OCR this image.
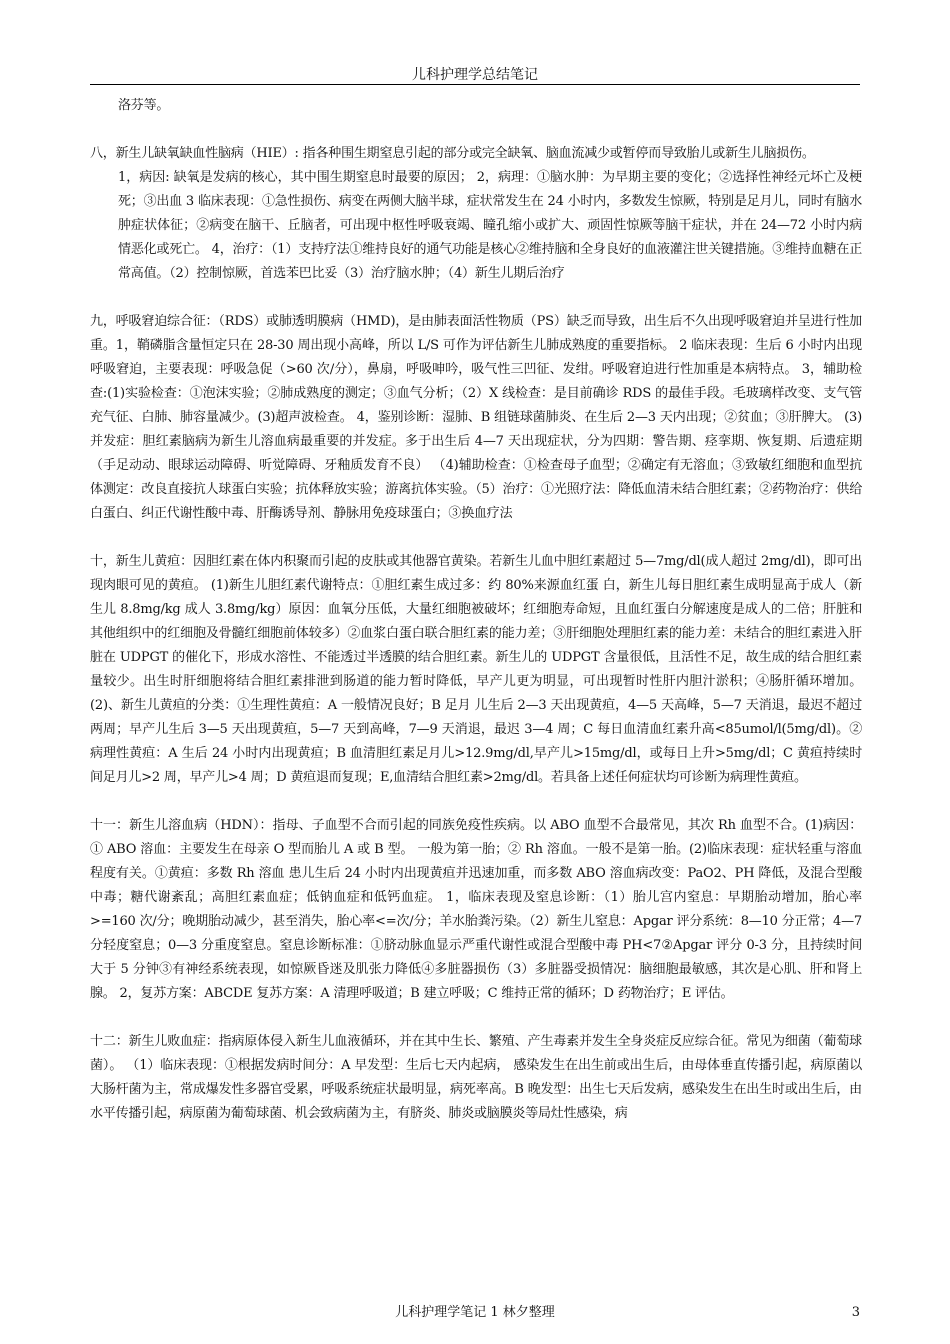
儿科护理学总结笔记

洛芬等。

八，新生儿缺氧缺血性脑病（HIE）: 指各种围生期窒息引起的部分或完全缺氧、脑血流减少或暂停而导致胎儿或新生儿脑损伤。

1，病因: 缺氧是发病的核心，其中围生期窒息时最要的原因； 2，病理：①脑水肿：为早期主要的变化；②选择性神经元坏亡及梗死；③出血 3 临床表现：①急性损伤、病变在两侧大脑半球，症状常发生在 24 小时内，多数发生惊厥，特别是足月儿，同时有脑水肿症状体征；②病变在脑干、丘脑者，可出现中枢性呼吸衰竭、瞳孔缩小或扩大、顽固性惊厥等脑干症状，并在 24—72 小时内病情恶化或死亡。 4，治疗：（1）支持疗法①维持良好的通气功能是核心②维持脑和全身良好的血液灌注世关键措施。③维持血糖在正常高值。（2）控制惊厥，首选苯巴比妥（3）治疗脑水肿；（4）新生儿期后治疗

九，呼吸窘迫综合征：（RDS）或肺透明膜病（HMD)，是由肺表面活性物质（PS）缺乏而导致，出生后不久出现呼吸窘迫并呈进行性加重。1，鞘磷脂含量恒定只在 28-30 周出现小高峰，所以 L/S 可作为评估新生儿肺成熟度的重要指标。 2 临床表现：生后 6 小时内出现呼吸窘迫，主要表现：呼吸急促（>60 次/分），鼻扇，呼吸呻吟，吸气性三凹征、发绀。呼吸窘迫进行性加重是本病特点。 3，辅助检查:(1)实验检查：①泡沫实验；②肺成熟度的测定；③血气分析；（2）X 线检查：是目前确诊 RDS 的最佳手段。毛玻璃样改变、支气管充气征、白肺、肺容量减少。(3)超声波检查。 4，鉴别诊断：湿肺、B 组链球菌肺炎、在生后 2—3 天内出现；②贫血；③肝脾大。 (3)并发症：胆红素脑病为新生儿溶血病最重要的并发症。多于出生后 4—7 天出现症状，分为四期：警告期、痉挛期、恢复期、后遗症期（手足动动、眼球运动障碍、听觉障碍、牙釉质发育不良） （4)辅助检查：①检查母子血型；②确定有无溶血；③致敏红细胞和血型抗体测定：改良直接抗人球蛋白实验；抗体释放实验；游离抗体实验。（5）治疗：①光照疗法：降低血清未结合胆红素；②药物治疗：供给白蛋白、纠正代谢性酸中毒、肝酶诱导剂、静脉用免疫球蛋白；③换血疗法

十，新生儿黄疸：因胆红素在体内积聚而引起的皮肤或其他器官黄染。若新生儿血中胆红素超过 5—7mg/dl(成人超过 2mg/dl)，即可出现肉眼可见的黄疸。 (1)新生儿胆红素代谢特点：①胆红素生成过多：约 80%来源血红蛋 白，新生儿每日胆红素生成明显高于成人（新生儿 8.8mg/kg 成人 3.8mg/kg）原因：血氧分压低，大量红细胞被破坏；红细胞寿命短，且血红蛋白分解速度是成人的二倍；肝脏和其他组织中的红细胞及骨髓红细胞前体较多）②血浆白蛋白联合胆红素的能力差；③肝细胞处理胆红素的能力差：未结合的胆红素进入肝脏在 UDPGT 的催化下，形成水溶性、不能透过半透膜的结合胆红素。新生儿的 UDPGT 含量很低，且活性不足，故生成的结合胆红素量较少。出生时肝细胞将结合胆红素排泄到肠道的能力暂时降低，早产儿更为明显，可出现暂时性肝内胆汁淤积；④肠肝循环增加。 (2)、新生儿黄疸的分类：①生理性黄疸：A 一般情况良好；B 足月 儿生后 2—3 天出现黄疸，4—5 天高峰，5—7 天消退，最迟不超过两周；早产儿生后 3—5 天出现黄疸，5—7 天到高峰，7—9 天消退，最迟 3—4 周；C 每日血清血红素升高<85umol/l(5mg/dl)。②病理性黄疸：A 生后 24 小时内出现黄疸；B 血清胆红素足月儿>12.9mg/dl,早产儿>15mg/dl，或每日上升>5mg/dl；C 黄疸持续时间足月儿>2 周，早产儿>4 周；D 黄疸退而复现；E,血清结合胆红素>2mg/dl。若具备上述任何症状均可诊断为病理性黄疸。

十一：新生儿溶血病（HDN）：指母、子血型不合而引起的同族免疫性疾病。以 ABO 血型不合最常见，其次 Rh 血型不合。(1)病因：① ABO 溶血：主要发生在母亲 O 型而胎儿 A 或 B 型。 一般为第一胎；② Rh 溶血。一般不是第一胎。(2)临床表现：症状轻重与溶血程度有关。①黄疸：多数 Rh 溶血 患儿生后 24 小时内出现黄疸并迅速加重，而多数 ABO 溶血病改变：PaO2、PH 降低，及混合型酸中毒；糖代谢紊乱；高胆红素血症；低钠血症和低钙血症。 1，临床表现及窒息诊断：（1）胎儿宫内窒息：早期胎动增加，胎心率>=160 次/分；晚期胎动减少，甚至消失，胎心率<=次/分；羊水胎粪污染。（2）新生儿窒息：Apgar 评分系统：8—10 分正常；4—7 分轻度窒息；0—3 分重度窒息。窒息诊断标准：①脐动脉血显示严重代谢性或混合型酸中毒 PH<7②Apgar 评分 0-3 分，且持续时间大于 5 分钟③有神经系统表现，如惊厥昏迷及肌张力降低④多脏器损伤（3）多脏器受损情况：脑细胞最敏感，其次是心肌、肝和肾上腺。 2，复苏方案：ABCDE 复苏方案：A 清理呼吸道；B 建立呼吸；C 维持正常的循环；D 药物治疗；E 评估。

十二：新生儿败血症：指病原体侵入新生儿血液循环，并在其中生长、繁殖、产生毒素并发生全身炎症反应综合征。常见为细菌（葡萄球菌）。 （1）临床表现：①根据发病时间分：A 早发型：生后七天内起病， 感染发生在出生前或出生后，由母体垂直传播引起，病原菌以大肠杆菌为主，常成爆发性多器官受累，呼吸系统症状最明显，病死率高。B 晚发型：出生七天后发病，感染发生在出生时或出生后，由水平传播引起，病原菌为葡萄球菌、机会致病菌为主，有脐炎、肺炎或脑膜炎等局灶性感染，病

儿科护理学笔记 1 林夕整理	3
